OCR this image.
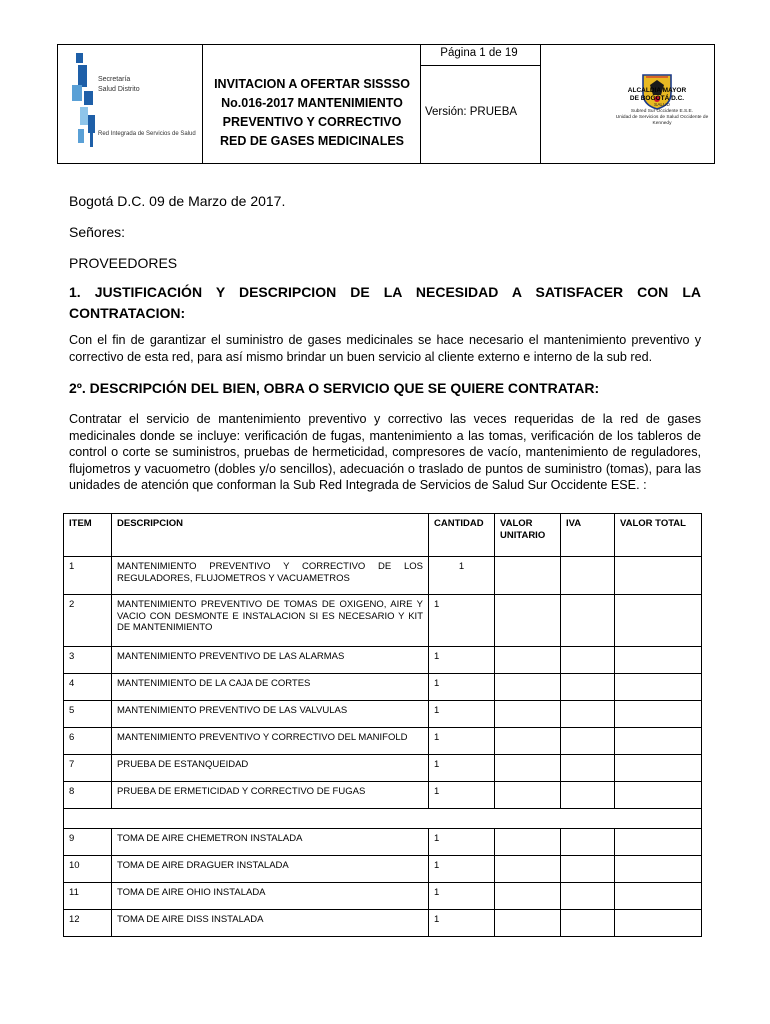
Secretaría
Salud Distrito
Red Integrada de Servicios de Salud
INVITACION A OFERTAR SISSSO
No.016-2017 MANTENIMIENTO
PREVENTIVO Y CORRECTIVO
RED DE GASES MEDICINALES
Página 1 de 19
Versión: PRUEBA
ALCALDIA MAYOR
DE BOGOTÁ D.C.
SALUD
Subred Sur Occidente E.S.E.
Unidad de Servicios de Salud Occidente de Kennedy
Bogotá D.C. 09 de Marzo de 2017.
Señores:
PROVEEDORES
1. JUSTIFICACIÓN Y DESCRIPCION DE LA NECESIDAD A SATISFACER CON LA
CONTRATACION:
Con el fin de garantizar el suministro de gases medicinales se hace necesario el mantenimiento preventivo y correctivo de esta red, para así mismo brindar un buen servicio al cliente externo e interno de la sub red.
2º. DESCRIPCIÓN DEL BIEN, OBRA O SERVICIO QUE SE QUIERE CONTRATAR:
Contratar el servicio de mantenimiento preventivo y correctivo las veces requeridas de la red de gases medicinales donde se incluye: verificación de fugas, mantenimiento a las tomas, verificación de los tableros de control o corte se suministros, pruebas de hermeticidad, compresores de vacío, mantenimiento de reguladores, flujometros y vacuometro (dobles y/o sencillos), adecuación o traslado de puntos de suministro (tomas), para las unidades de atención que conforman la Sub Red Integrada de Servicios de Salud Sur Occidente ESE. :
ITEM	DESCRIPCION	CANTIDAD	VALOR UNITARIO	IVA	VALOR TOTAL
1	MANTENIMIENTO PREVENTIVO Y CORRECTIVO DE LOS REGULADORES, FLUJOMETROS Y VACUAMETROS	1			
2	MANTENIMIENTO PREVENTIVO DE TOMAS DE OXIGENO, AIRE Y VACIO CON DESMONTE E INSTALACION SI ES NECESARIO Y KIT DE MANTENIMIENTO	1			
3	MANTENIMIENTO PREVENTIVO DE LAS ALARMAS	1			
4	MANTENIMIENTO DE LA CAJA DE CORTES	1			
5	MANTENIMIENTO PREVENTIVO DE LAS VALVULAS	1			
6	MANTENIMIENTO PREVENTIVO Y CORRECTIVO DEL MANIFOLD	1			
7	PRUEBA DE ESTANQUEIDAD	1			
8	PRUEBA DE ERMETICIDAD Y CORRECTIVO DE FUGAS	1			

9	TOMA DE AIRE CHEMETRON INSTALADA	1			
10	TOMA DE AIRE DRAGUER INSTALADA	1			
11	TOMA DE AIRE OHIO INSTALADA	1			
12	TOMA DE AIRE DISS INSTALADA	1			
